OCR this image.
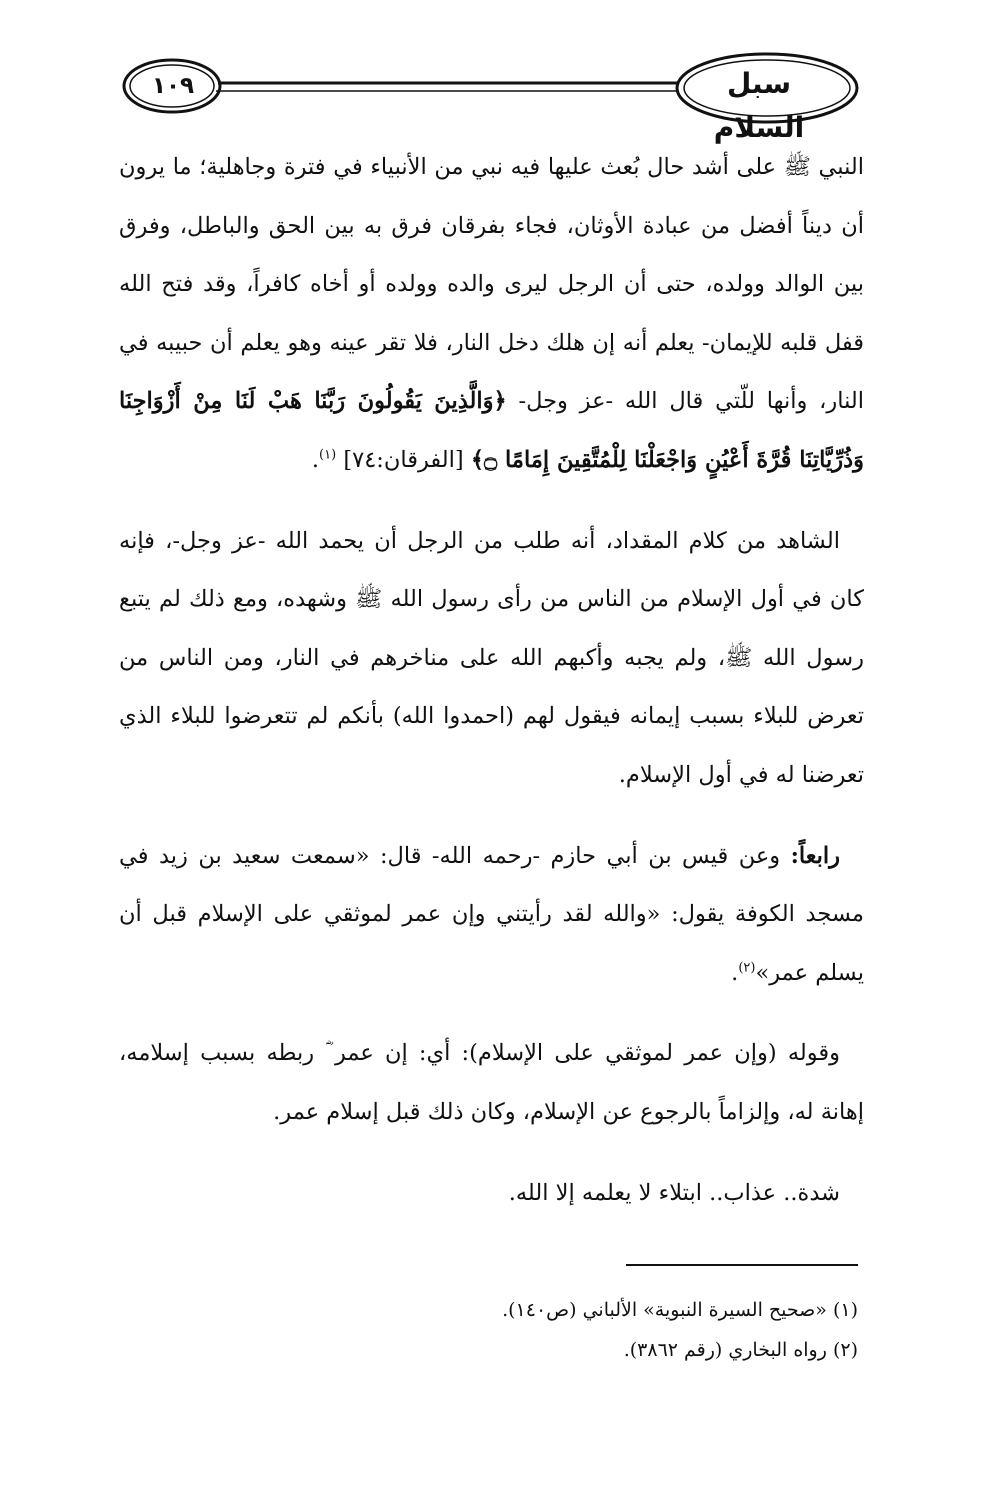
سبل السلام
١٠٩

النبي ﷺ على أشد حال بُعث عليها فيه نبي من الأنبياء في فترة وجاهلية؛ ما يرون أن ديناً أفضل من عبادة الأوثان، فجاء بفرقان فرق به بين الحق والباطل، وفرق بين الوالد وولده، حتى أن الرجل ليرى والده وولده أو أخاه كافراً، وقد فتح الله قفل قلبه للإيمان- يعلم أنه إن هلك دخل النار، فلا تقر عينه وهو يعلم أن حبيبه في النار، وأنها للّتي قال الله -عز وجل- ﴿وَالَّذِينَ يَقُولُونَ رَبَّنَا هَبْ لَنَا مِنْ أَزْوَاجِنَا وَذُرِّيَّاتِنَا قُرَّةَ أَعْيُنٍ وَاجْعَلْنَا لِلْمُتَّقِينَ إِمَامًا ۝﴾ [الفرقان:٧٤] $^{(١)}$.

الشاهد من كلام المقداد، أنه طلب من الرجل أن يحمد الله -عز وجل-، فإنه كان في أول الإسلام من الناس من رأى رسول الله ﷺ وشهده، ومع ذلك لم يتبع رسول الله ﷺ، ولم يجبه وأكبهم الله على مناخرهم في النار، ومن الناس من تعرض للبلاء بسبب إيمانه فيقول لهم (احمدوا الله) بأنكم لم تتعرضوا للبلاء الذي تعرضنا له في أول الإسلام.

رابعاً: وعن قيس بن أبي حازم -رحمه الله- قال: «سمعت سعيد بن زيد في مسجد الكوفة يقول: «والله لقد رأيتني وإن عمر لموثقي على الإسلام قبل أن يسلم عمر»$^{(٢)}$.

وقوله (وإن عمر لموثقي على الإسلام): أي: إن عمر ؓ ربطه بسبب إسلامه، إهانة له، وإلزاماً بالرجوع عن الإسلام، وكان ذلك قبل إسلام عمر.

شدة.. عذاب.. ابتلاء لا يعلمه إلا الله.

(١) «صحيح السيرة النبوية» الألباني (ص١٤٠).

(٢) رواه البخاري (رقم ٣٨٦٢).
